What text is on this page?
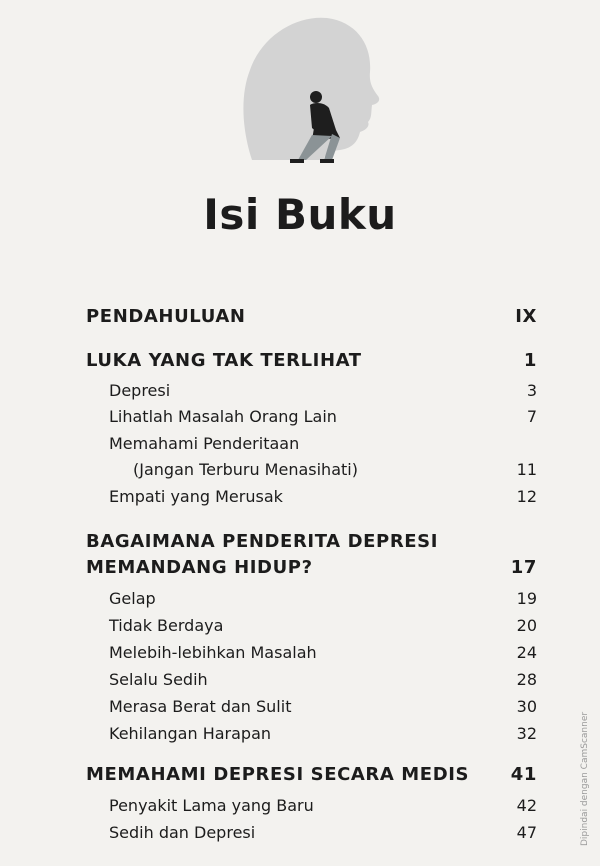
Isi Buku
PENDAHULUAN	IX
LUKA YANG TAK TERLIHAT	1
Depresi	3
Lihatlah Masalah Orang Lain	7
Memahami Penderitaan
(Jangan Terburu Menasihati)	11
Empati yang Merusak	12
BAGAIMANA PENDERITA DEPRESI
MEMANDANG HIDUP?	17
Gelap	19
Tidak Berdaya	20
Melebih-lebihkan Masalah	24
Selalu Sedih	28
Merasa Berat dan Sulit	30
Kehilangan Harapan	32
MEMAHAMI DEPRESI SECARA MEDIS 41
Penyakit Lama yang Baru	42
Sedih dan Depresi	47	Dipindai dengan CamScanner
